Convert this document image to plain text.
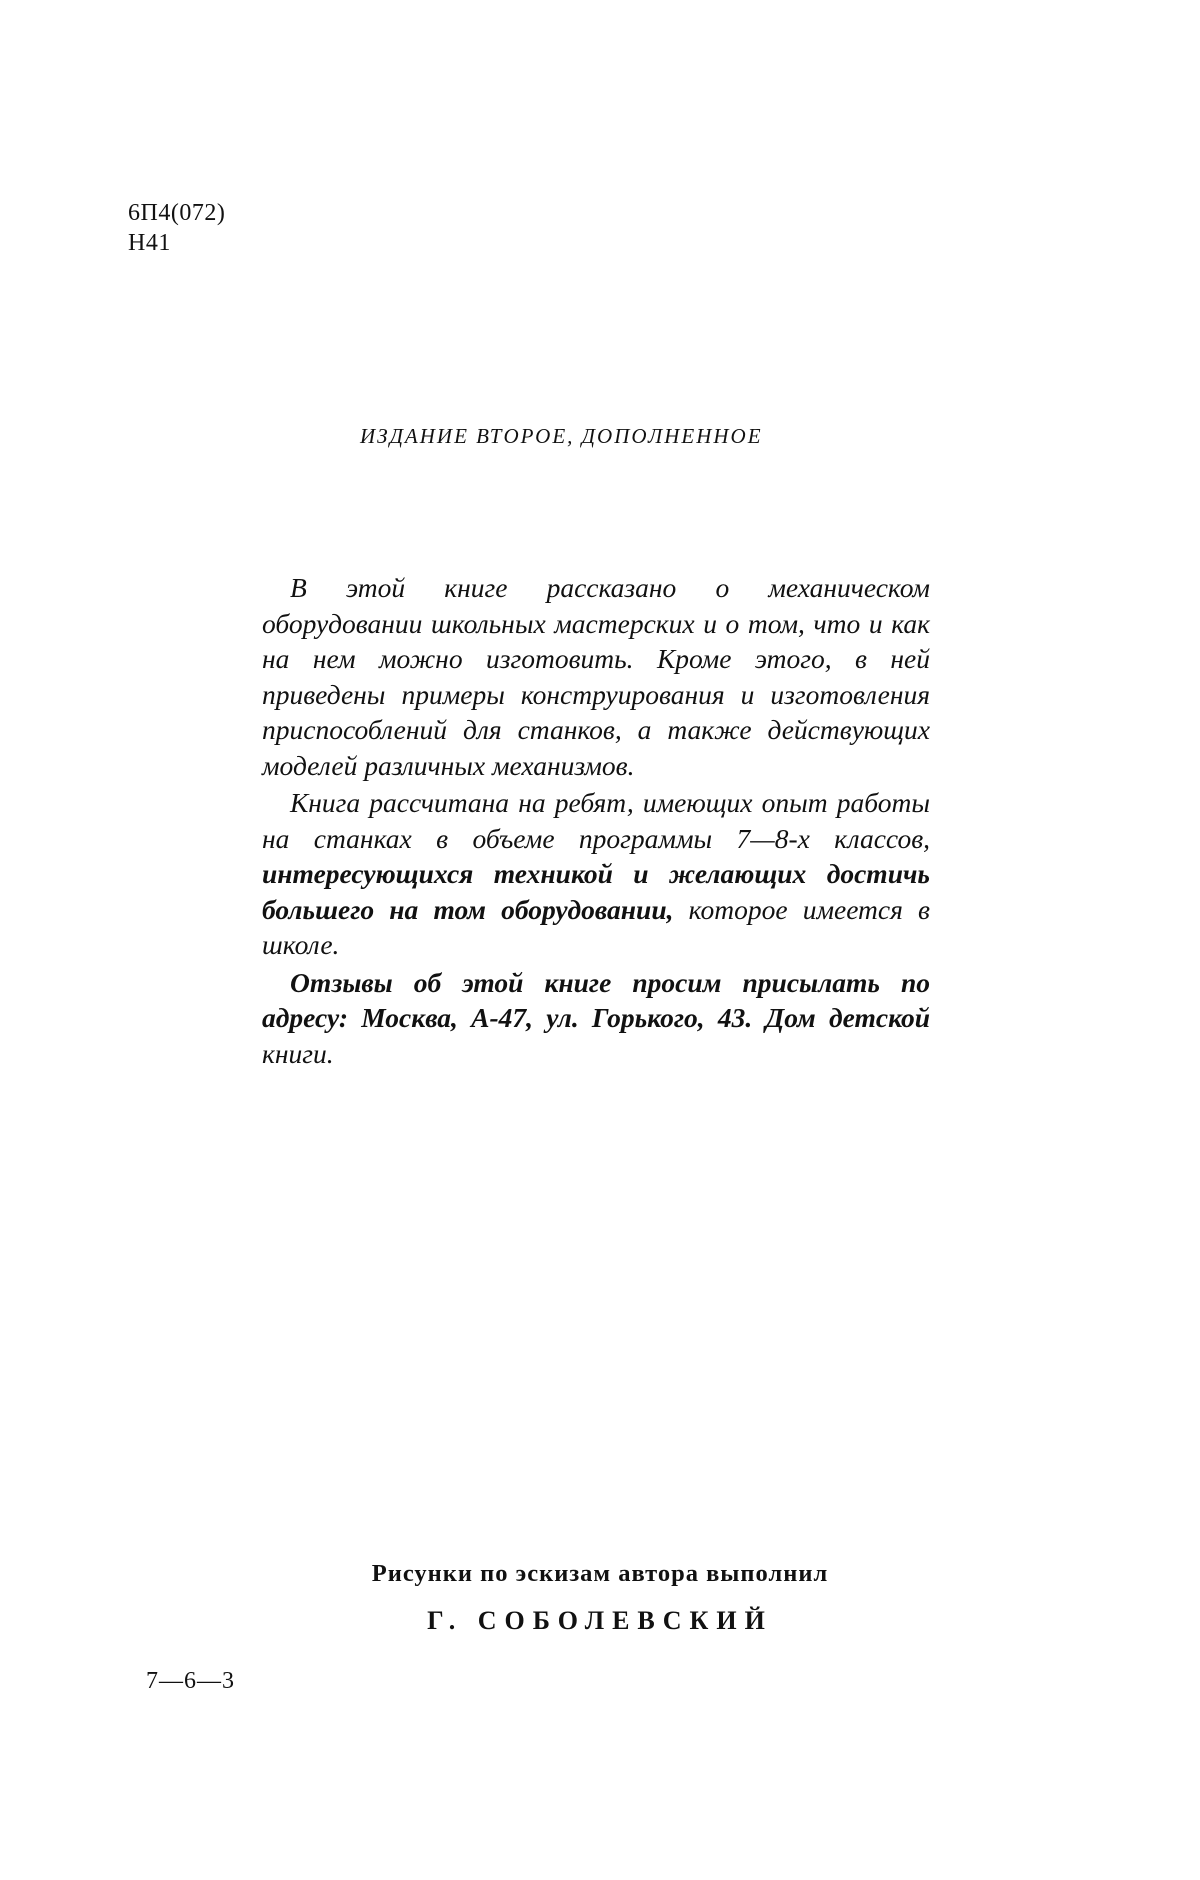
6П4(072)
Н41
ИЗДАНИЕ ВТОРОЕ, ДОПОЛНЕННОЕ

В этой книге рассказано о механическом оборудовании школьных мастерских и о том, что и как на нем можно изготовить. Кроме этого, в ней приведены примеры конструирования и изготовления приспособлений для станков, а также действующих моделей различных механизмов.

Книга рассчитана на ребят, имеющих опыт работы на станках в объеме программы 7—8-х классов, интересующихся техникой и желающих достичь большего на том оборудовании, которое имеется в школе.

Отзывы об этой книге просим присылать по адресу: Москва, А-47, ул. Горького, 43. Дом детской книги.

Рисунки по эскизам автора выполнил
Г. СОБОЛЕВСКИЙ
7—6—3
